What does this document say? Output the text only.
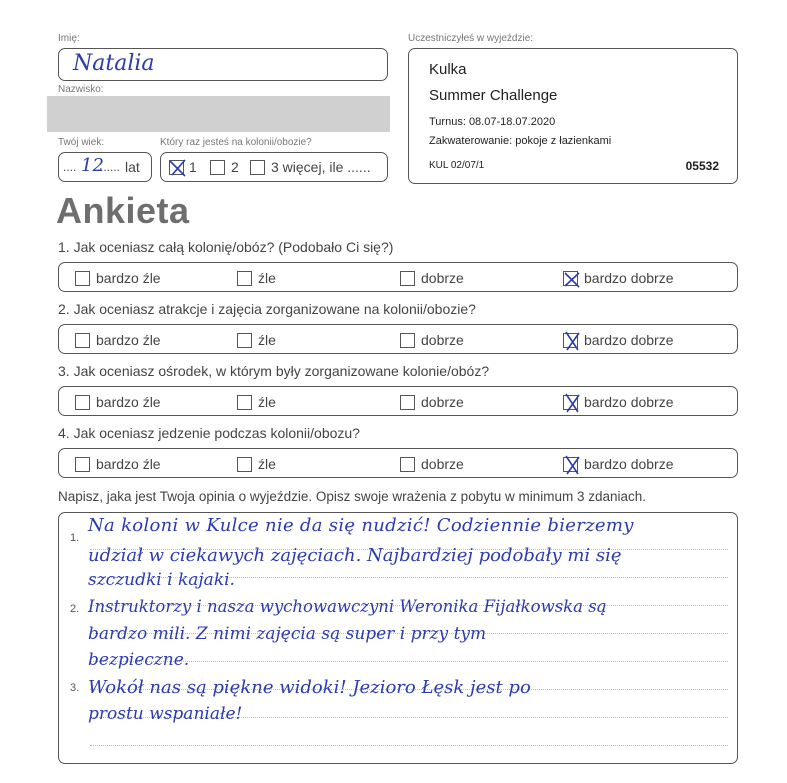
Imię:
Natalia
Nazwisko:
Twój wiek:
.... 12
...... lat
Który raz jesteś na kolonii/obozie?
1 2 3 więcej, ile ......
Uczestniczyłeś w wyjeździe:
Kulka
Summer Challenge
Turnus: 08.07-18.07.2020
Zakwaterowanie: pokoje z łazienkami
KUL 02/07/1	05532
Ankieta
1. Jak oceniasz całą kolonię/obóz? (Podobało Ci się?)
bardzo źle	źle	dobrze	bardzo dobrze
2. Jak oceniasz atrakcje i zajęcia zorganizowane na kolonii/obozie?
bardzo źle	źle	dobrze	bardzo dobrze
3. Jak oceniasz ośrodek, w którym były zorganizowane kolonie/obóz?
bardzo źle	źle	dobrze	bardzo dobrze
4. Jak oceniasz jedzenie podczas kolonii/obozu?
bardzo źle	źle	dobrze	bardzo dobrze
Napisz, jaka jest Twoja opinia o wyjeździe. Opisz swoje wrażenia z pobytu w minimum 3 zdaniach.
1.
2.
3.
Na koloni w Kulce nie da się nudzić! Codziennie bierzemy
udział w ciekawych zajęciach. Najbardziej podobały mi się
szczudki i kajaki.
Instruktorzy i nasza wychowawczyni Weronika Fijałkowska są
bardzo mili. Z nimi zajęcia są super i przy tym
bezpieczne.
Wokół nas są piękne widoki! Jezioro Łęsk jest po
prostu wspaniałe!
